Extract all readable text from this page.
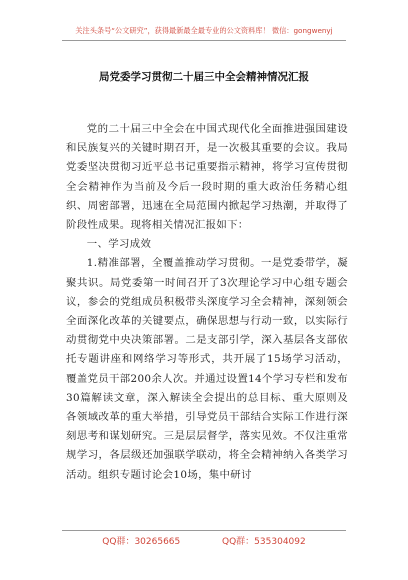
关注头条号“公文研究”，获得最新最全最专业的公文资料库！ 微信：gongwenyj
局党委学习贯彻二十届三中全会精神情况汇报

党的二十届三中全会在中国式现代化全面推进强国建设和民族复兴的关键时期召开，是一次极其重要的会议。我局党委坚决贯彻习近平总书记重要指示精神，将学习宣传贯彻全会精神作为当前及今后一段时期的重大政治任务精心组织、周密部署，迅速在全局范围内掀起学习热潮，并取得了阶段性成果。现将相关情况汇报如下：

一、学习成效

1.精准部署，全覆盖推动学习贯彻。一是党委带学，凝聚共识。局党委第一时间召开了3次理论学习中心组专题会议，参会的党组成员积极带头深度学习全会精神，深刻领会全面深化改革的关键要点，确保思想与行动一致，以实际行动贯彻党中央决策部署。二是支部引学，深入基层各支部依托专题讲座和网络学习等形式，共开展了15场学习活动，覆盖党员干部200余人次。并通过设置14个学习专栏和发布30篇解读文章，深入解读全会提出的总目标、重大原则及各领域改革的重大举措，引导党员干部结合实际工作进行深刻思考和谋划研究。三是层层督学，落实见效。不仅注重常规学习，各层级还加强联学联动，将全会精神纳入各类学习活动。组织专题讨论会10场，集中研讨

QQ群：30265665	QQ群：535304092
